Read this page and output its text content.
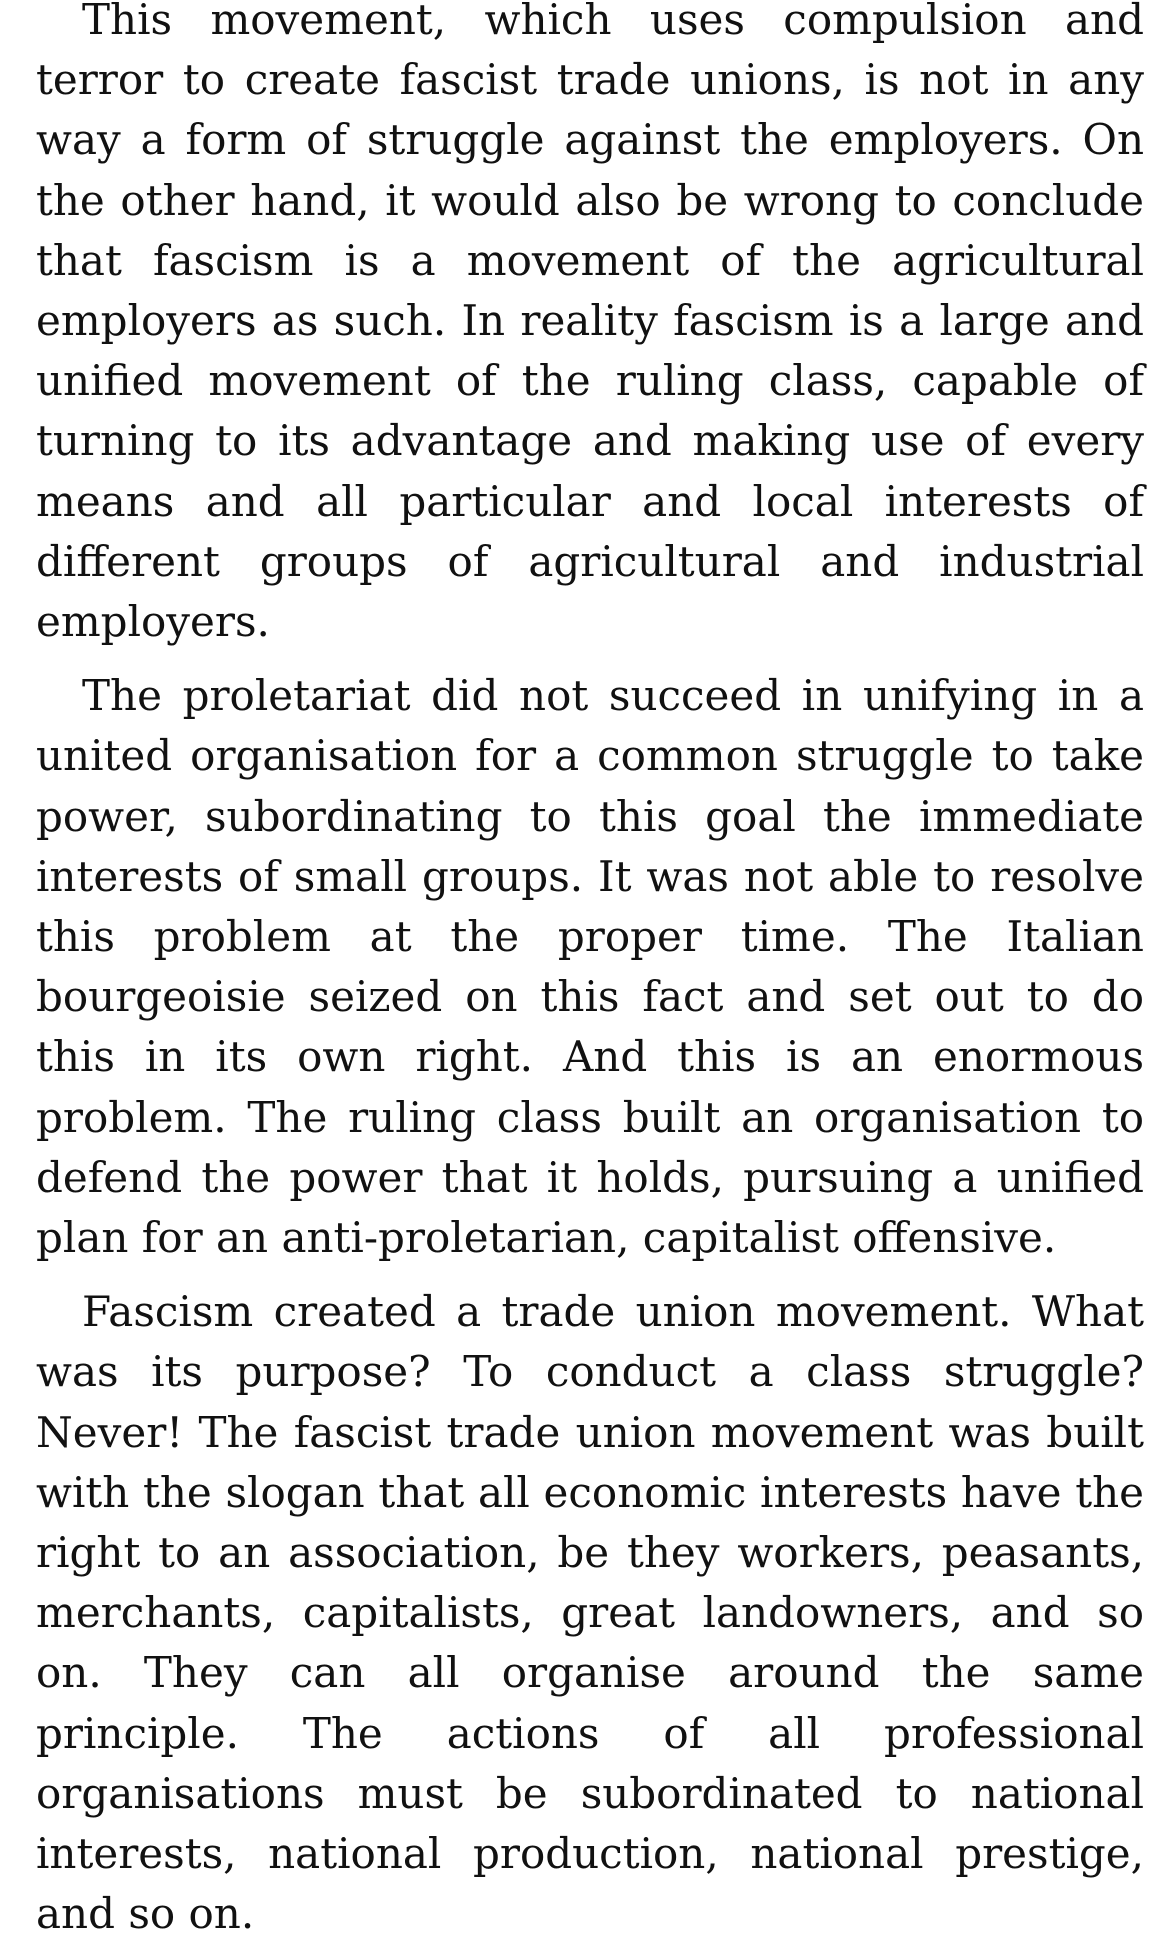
This movement, which uses compulsion and terror to create fascist trade unions, is not in any way a form of struggle against the employers. On the other hand, it would also be wrong to conclude that fascism is a movement of the agricultural employers as such. In reality fascism is a large and unified movement of the ruling class, capable of turning to its advantage and making use of every means and all particular and local interests of different groups of agricultural and industrial employers.

The proletariat did not succeed in unifying in a united organisation for a common struggle to take power, subordinating to this goal the immediate interests of small groups. It was not able to resolve this problem at the proper time. The Italian bourgeoisie seized on this fact and set out to do this in its own right. And this is an enormous problem. The ruling class built an organisation to defend the power that it holds, pursuing a unified plan for an anti-proletarian, capitalist offensive.

Fascism created a trade union movement. What was its purpose? To conduct a class struggle? Never! The fascist trade union movement was built with the slogan that all economic interests have the right to an association, be they workers, peasants, merchants, capitalists, great landowners, and so on. They can all organise around the same principle. The actions of all professional organisations must be subordinated to national interests, national production, national prestige, and so on.
